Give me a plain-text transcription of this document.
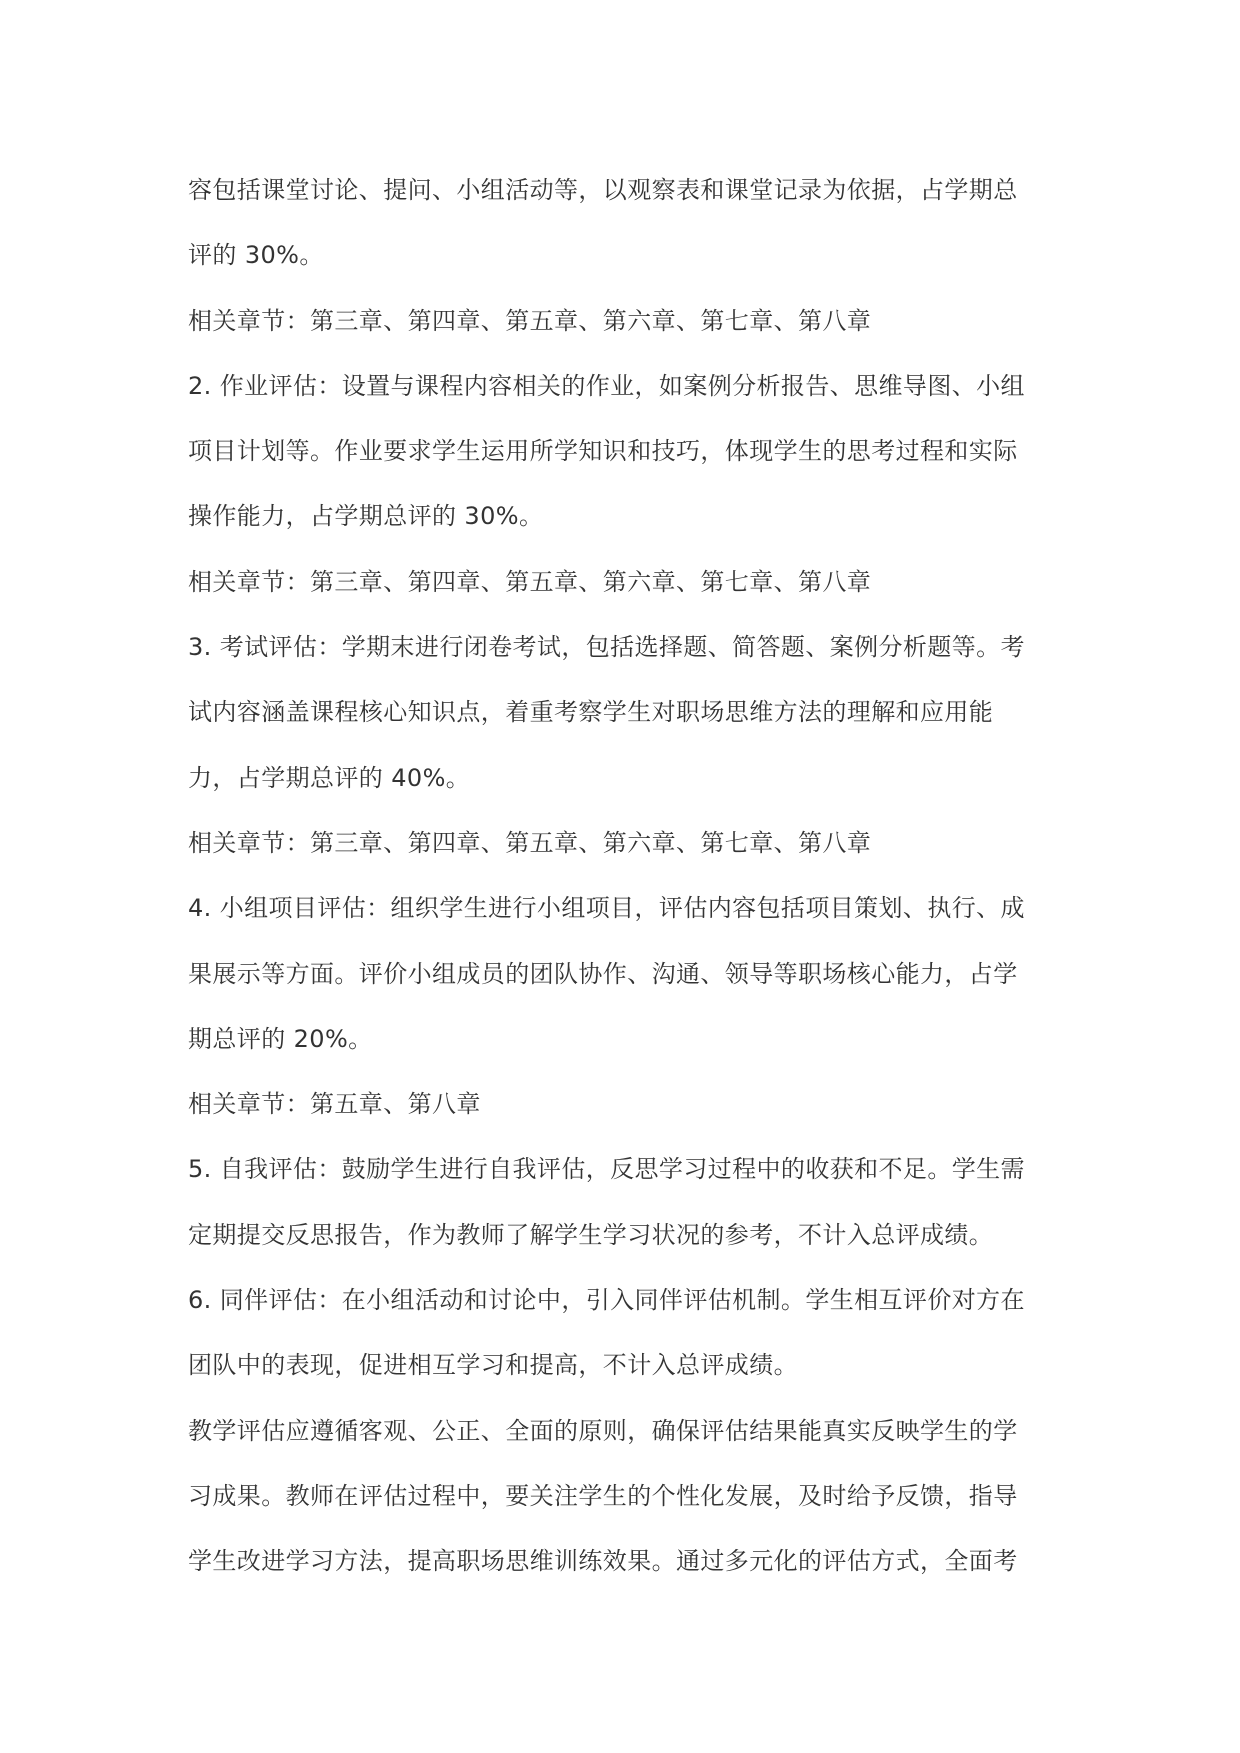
容包括课堂讨论、提问、小组活动等，以观察表和课堂记录为依据，占学期总
评的 30%。
相关章节：第三章、第四章、第五章、第六章、第七章、第八章
2. 作业评估：设置与课程内容相关的作业，如案例分析报告、思维导图、小组
项目计划等。作业要求学生运用所学知识和技巧，体现学生的思考过程和实际
操作能力，占学期总评的 30%。
相关章节：第三章、第四章、第五章、第六章、第七章、第八章
3. 考试评估：学期末进行闭卷考试，包括选择题、简答题、案例分析题等。考
试内容涵盖课程核心知识点，着重考察学生对职场思维方法的理解和应用能
力，占学期总评的 40%。
相关章节：第三章、第四章、第五章、第六章、第七章、第八章
4. 小组项目评估：组织学生进行小组项目，评估内容包括项目策划、执行、成
果展示等方面。评价小组成员的团队协作、沟通、领导等职场核心能力，占学
期总评的 20%。
相关章节：第五章、第八章
5. 自我评估：鼓励学生进行自我评估，反思学习过程中的收获和不足。学生需
定期提交反思报告，作为教师了解学生学习状况的参考，不计入总评成绩。
6. 同伴评估：在小组活动和讨论中，引入同伴评估机制。学生相互评价对方在
团队中的表现，促进相互学习和提高，不计入总评成绩。
教学评估应遵循客观、公正、全面的原则，确保评估结果能真实反映学生的学
习成果。教师在评估过程中，要关注学生的个性化发展，及时给予反馈，指导
学生改进学习方法，提高职场思维训练效果。通过多元化的评估方式，全面考
